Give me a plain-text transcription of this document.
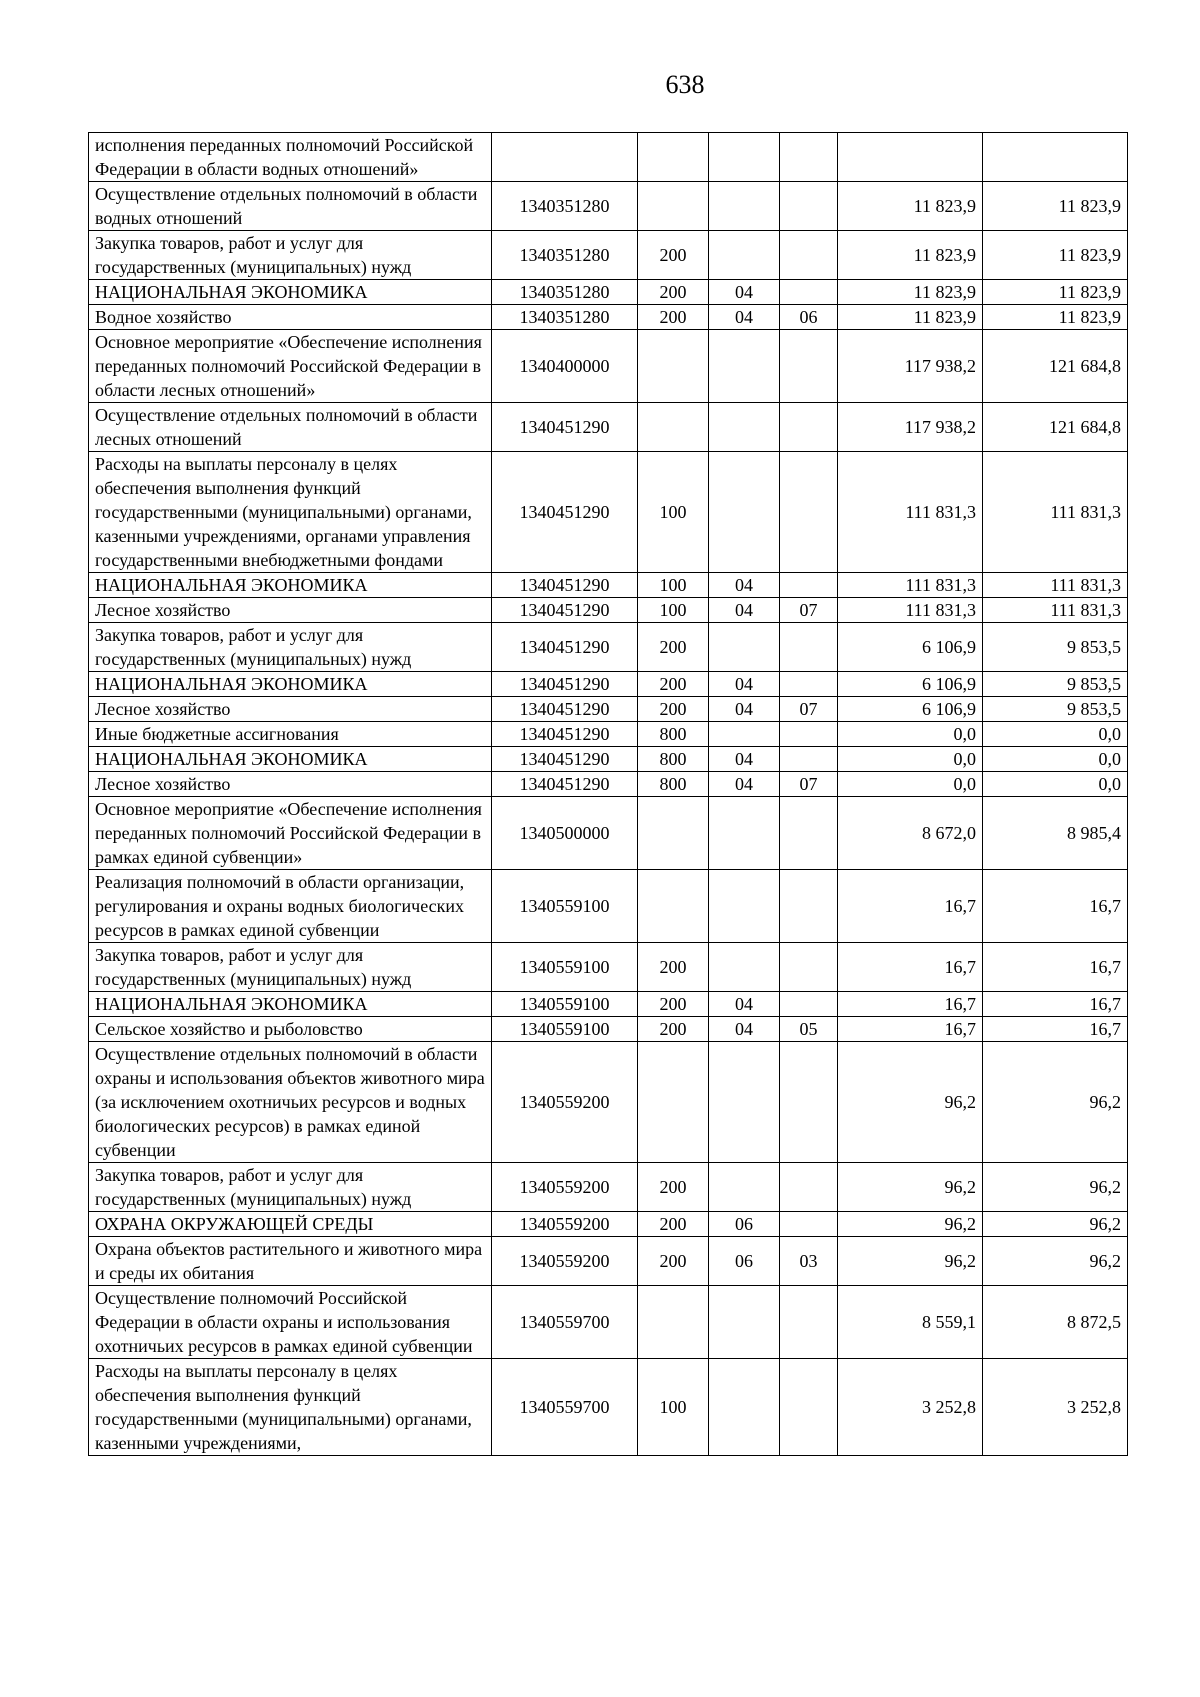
638
исполнения переданных полномочий Российской Федерации в области водных отношений»						
Осуществление отдельных полномочий в области водных отношений	1340351280				11 823,9	11 823,9
Закупка товаров, работ и услуг для государственных (муниципальных) нужд	1340351280	200			11 823,9	11 823,9
НАЦИОНАЛЬНАЯ ЭКОНОМИКА	1340351280	200	04		11 823,9	11 823,9
Водное хозяйство	1340351280	200	04	06	11 823,9	11 823,9
Основное мероприятие «Обеспечение исполнения переданных полномочий Российской Федерации в области лесных отношений»	1340400000				117 938,2	121 684,8
Осуществление отдельных полномочий в области лесных отношений	1340451290				117 938,2	121 684,8
Расходы на выплаты персоналу в целях обеспечения выполнения функций государственными (муниципальными) органами, казенными учреждениями, органами управления государственными внебюджетными фондами	1340451290	100			111 831,3	111 831,3
НАЦИОНАЛЬНАЯ ЭКОНОМИКА	1340451290	100	04		111 831,3	111 831,3
Лесное хозяйство	1340451290	100	04	07	111 831,3	111 831,3
Закупка товаров, работ и услуг для государственных (муниципальных) нужд	1340451290	200			6 106,9	9 853,5
НАЦИОНАЛЬНАЯ ЭКОНОМИКА	1340451290	200	04		6 106,9	9 853,5
Лесное хозяйство	1340451290	200	04	07	6 106,9	9 853,5
Иные бюджетные ассигнования	1340451290	800			0,0	0,0
НАЦИОНАЛЬНАЯ ЭКОНОМИКА	1340451290	800	04		0,0	0,0
Лесное хозяйство	1340451290	800	04	07	0,0	0,0
Основное мероприятие «Обеспечение исполнения переданных полномочий Российской Федерации в рамках единой субвенции»	1340500000				8 672,0	8 985,4
Реализация полномочий в области организации, регулирования и охраны водных биологических ресурсов в рамках единой субвенции	1340559100				16,7	16,7
Закупка товаров, работ и услуг для государственных (муниципальных) нужд	1340559100	200			16,7	16,7
НАЦИОНАЛЬНАЯ ЭКОНОМИКА	1340559100	200	04		16,7	16,7
Сельское хозяйство и рыболовство	1340559100	200	04	05	16,7	16,7
Осуществление отдельных полномочий в области охраны и использования объектов животного мира (за исключением охотничьих ресурсов и водных биологических ресурсов) в рамках единой субвенции	1340559200				96,2	96,2
Закупка товаров, работ и услуг для государственных (муниципальных) нужд	1340559200	200			96,2	96,2
ОХРАНА ОКРУЖАЮЩЕЙ СРЕДЫ	1340559200	200	06		96,2	96,2
Охрана объектов растительного и животного мира и среды их обитания	1340559200	200	06	03	96,2	96,2
Осуществление полномочий Российской Федерации в области охраны и использования охотничьих ресурсов в рамках единой субвенции	1340559700				8 559,1	8 872,5
Расходы на выплаты персоналу в целях обеспечения выполнения функций государственными (муниципальными) органами, казенными учреждениями,	1340559700	100			3 252,8	3 252,8
